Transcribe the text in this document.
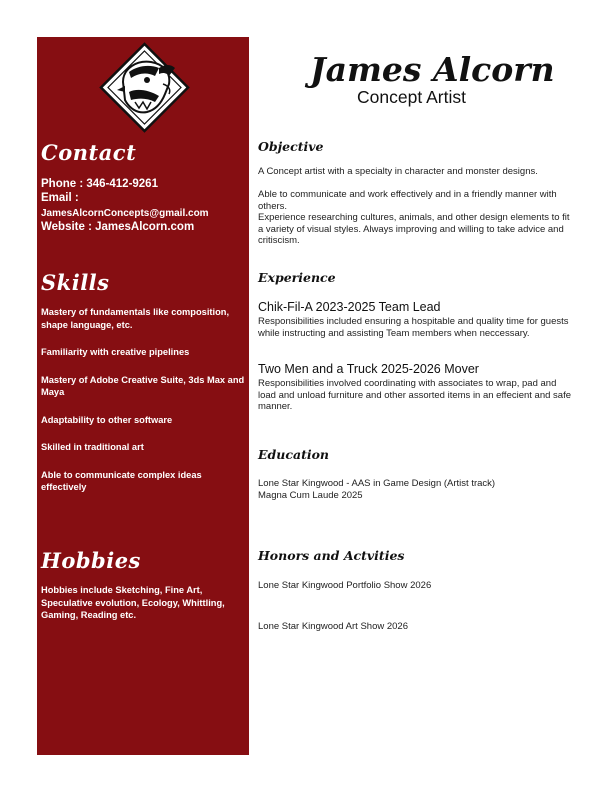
Contact

Phone : 346-412-9261

Email :

JamesAlcornConcepts@gmail.com

Website : JamesAlcorn.com

Skills
Mastery of fundamentals like composition, shape language, etc.
Familiarity with creative pipelines
Mastery of Adobe Creative Suite, 3ds Max and Maya
Adaptability to other software
Skilled in traditional art
Able to communicate complex ideas effectively
Hobbies

Hobbies include Sketching, Fine Art, Speculative evolution, Ecology, Whittling, Gaming, Reading etc.

James Alcorn

Concept Artist

Objective

A Concept artist with a specialty in character and monster designs.

Able to communicate and work effectively and in a friendly manner with others.

Experience researching cultures, animals, and other design elements to fit a variety of visual styles. Always improving and willing to take advice and critiscism.

Experience

Chik-Fil-A 2023-2025 Team Lead

Responsibilities included ensuring a hospitable and quality time for guests while instructing and assisting Team members when neccessary.

Two Men and a Truck 2025-2026 Mover

Responsibilities involved coordinating with associates to wrap, pad and load and unload furniture and other assorted items in an effecient and safe manner.

Education

Lone Star Kingwood - AAS in Game Design (Artist track)

Magna Cum Laude 2025

Honors and Actvities

Lone Star Kingwood Portfolio Show 2026

Lone Star Kingwood Art Show 2026
